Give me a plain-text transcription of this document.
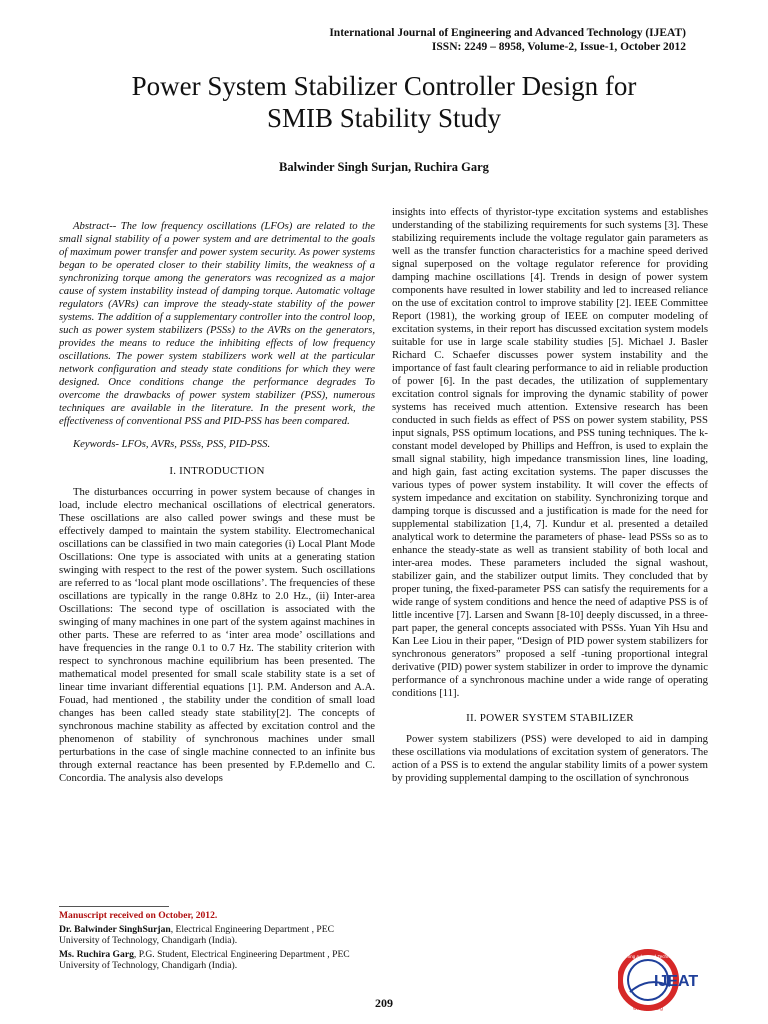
International Journal of Engineering and Advanced Technology (IJEAT)
ISSN: 2249 – 8958, Volume-2, Issue-1, October 2012
Power System Stabilizer Controller Design for
SMIB Stability Study
Balwinder Singh Surjan, Ruchira Garg

Abstract-- The low frequency oscillations (LFOs) are related to the small signal stability of a power system and are detrimental to the goals of maximum power transfer and power system security. As power systems began to be operated closer to their stability limits, the weakness of a synchronizing torque among the generators was recognized as a major cause of system instability instead of damping torque. Automatic voltage regulators (AVRs) can improve the steady-state stability of the power systems. The addition of a supplementary controller into the control loop, such as power system stabilizers (PSSs) to the AVRs on the generators, provides the means to reduce the inhibiting effects of low frequency oscillations. The power system stabilizers work well at the particular network configuration and steady state conditions for which they were designed. Once conditions change the performance degrades To overcome the drawbacks of power system stabilizer (PSS), numerous techniques are available in the literature. In the present work, the effectiveness of conventional PSS and PID-PSS has been compared.

Keywords- LFOs, AVRs, PSSs, PSS, PID-PSS.

I. INTRODUCTION

The disturbances occurring in power system because of changes in load, include electro mechanical oscillations of electrical generators. These oscillations are also called power swings and these must be effectively damped to maintain the system stability. Electromechanical oscillations can be classified in two main categories (i) Local Plant Mode Oscillations: One type is associated with units at a generating station swinging with respect to the rest of the power system. Such oscillations are referred to as ‘local plant mode oscillations’. The frequencies of these oscillations are typically in the range 0.8Hz to 2.0 Hz., (ii) Inter-area Oscillations: The second type of oscillation is associated with the swinging of many machines in one part of the system against machines in other parts. These are referred to as ‘inter area mode’ oscillations and have frequencies in the range 0.1 to 0.7 Hz. The stability criterion with respect to synchronous machine equilibrium has been presented. The mathematical model presented for small scale stability state is a set of linear time invariant differential equations [1]. P.M. Anderson and A.A. Fouad, had mentioned , the stability under the condition of small load changes has been called steady state stability[2]. The concepts of synchronous machine stability as affected by excitation control and the phenomenon of stability of synchronous machines under small perturbations in the case of single machine connected to an infinite bus through external reactance has been presented by F.P.demello and C. Concordia. The analysis also develops

insights into effects of thyristor-type excitation systems and establishes understanding of the stabilizing requirements for such systems [3]. These stabilizing requirements include the voltage regulator gain parameters as well as the transfer function characteristics for a machine speed derived signal superposed on the voltage regulator reference for providing damping machine oscillations [4]. Trends in design of power system components have resulted in lower stability and led to increased reliance on the use of excitation control to improve stability [2]. IEEE Committee Report (1981), the working group of IEEE on computer modeling of excitation systems, in their report has discussed excitation system models suitable for use in large scale stability studies [5]. Michael J. Basler Richard C. Schaefer discusses power system instability and the importance of fast fault clearing performance to aid in reliable production of power [6]. In the past decades, the utilization of supplementary excitation control signals for improving the dynamic stability of power systems has received much attention. Extensive research has been conducted in such fields as effect of PSS on power system stability, PSS input signals, PSS optimum locations, and PSS tuning techniques. The k-constant model developed by Phillips and Heffron, is used to explain the small signal stability, high impedance transmission lines, line loading, and high gain, fast acting excitation systems. The paper discusses the various types of power system instability. It will cover the effects of system impedance and excitation on stability. Synchronizing torque and damping torque is discussed and a justification is made for the need for supplemental stabilization [1,4, 7]. Kundur et al. presented a detailed analytical work to determine the parameters of phase- lead PSSs so as to enhance the steady-state as well as transient stability of both local and inter-area modes. These parameters included the signal washout, stabilizer gain, and the stabilizer output limits. They concluded that by proper tuning, the fixed-parameter PSS can satisfy the requirements for a wide range of system conditions and hence the need of adaptive PSS is of little incentive [7]. Larsen and Swann [8-10] deeply discussed, in a three-part paper, the general concepts associated with PSSs. Yuan Yih Hsu and Kan Lee Liou in their paper, “Design of PID power system stabilizers for synchronous generators” proposed a self -tuning proportional integral derivative (PID) power system stabilizer in order to improve the dynamic performance of a synchronous machine under a wide range of operating conditions [11].

II. POWER SYSTEM STABILIZER

Power system stabilizers (PSS) were developed to aid in damping these oscillations via modulations of excitation system of generators. The action of a PSS is to extend the angular stability limits of a power system by providing supplemental damping to the oscillation of synchronous

Manuscript received on October, 2012.
Dr. Balwinder SinghSurjan, Electrical Engineering Department , PEC University of Technology, Chandigarh (India).
Ms. Ruchira Garg, P.G. Student, Electrical Engineering Department , PEC University of Technology, Chandigarh (India).
209
IJEAT
www.ijeat.org
...ring Advanced Technology
